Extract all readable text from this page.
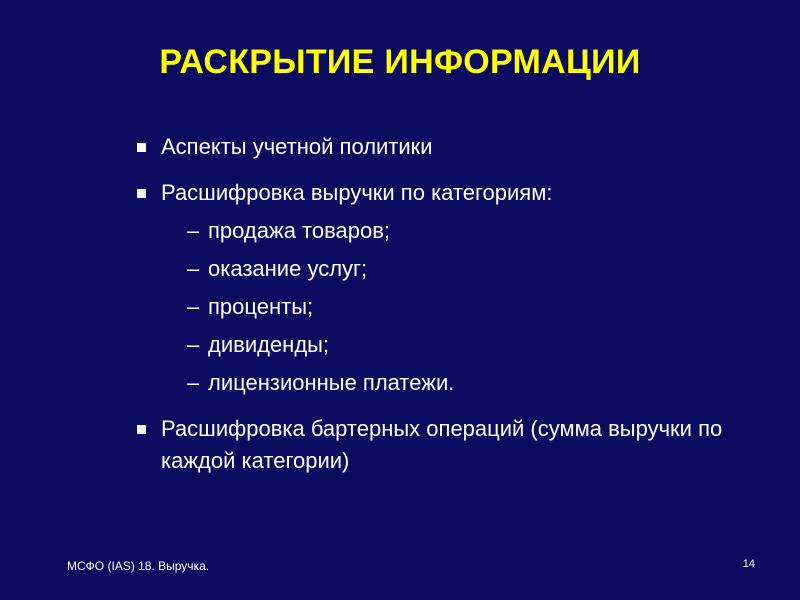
РАСКРЫТИЕ ИНФОРМАЦИИ
Аспекты учетной политики
Расшифровка выручки по категориям:
– продажа товаров;
– оказание услуг;
– проценты;
– дивиденды;
– лицензионные платежи.
Расшифровка бартерных операций (сумма выручки по каждой категории)
МСФО (IAS) 18. Выручка.	14
